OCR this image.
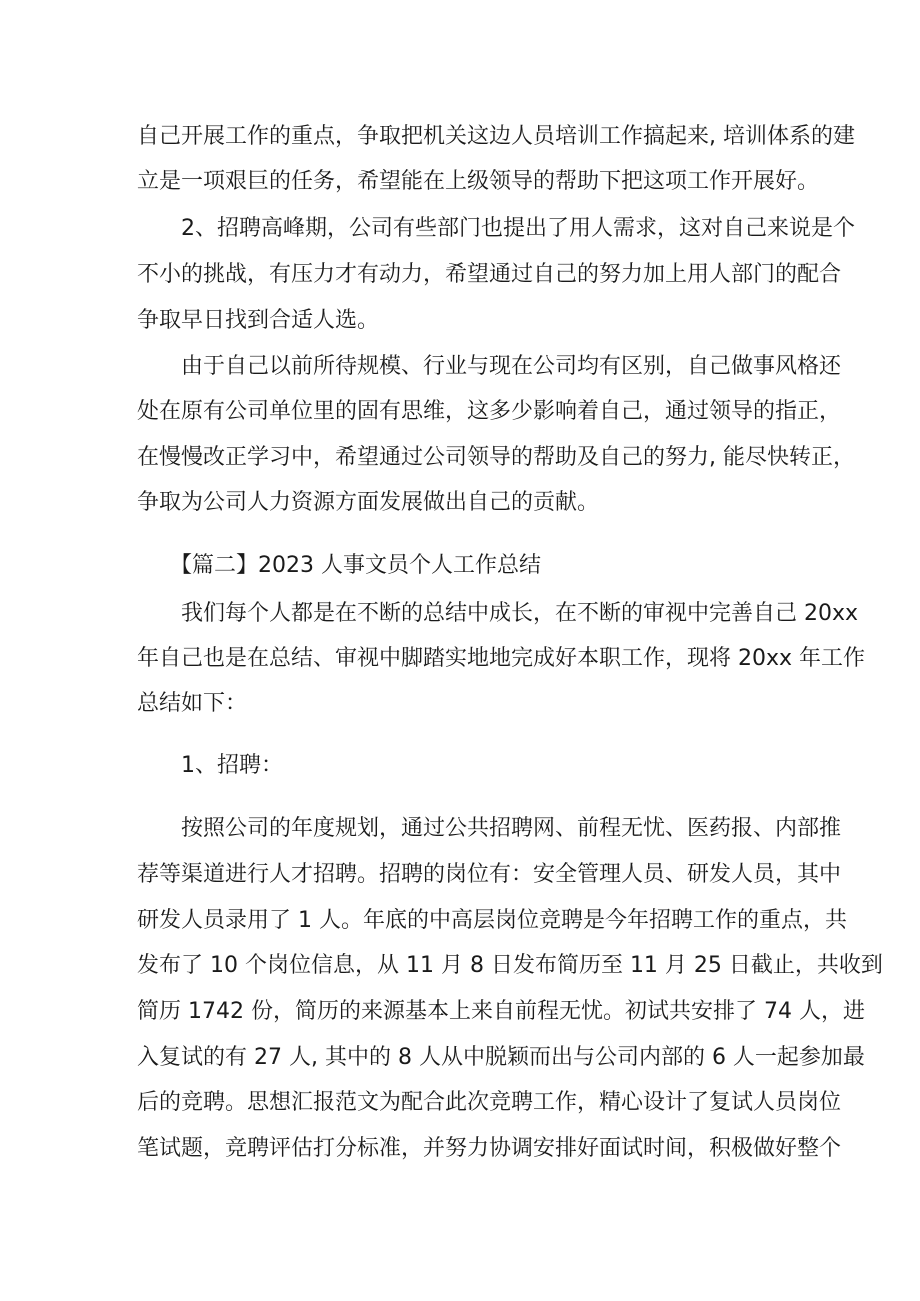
自己开展工作的重点，争取把机关这边人员培训工作搞起来, 培训体系的建
立是一项艰巨的任务，希望能在上级领导的帮助下把这项工作开展好。
2、招聘高峰期，公司有些部门也提出了用人需求，这对自己来说是个
不小的挑战，有压力才有动力，希望通过自己的努力加上用人部门的配合
争取早日找到合适人选。
由于自己以前所待规模、行业与现在公司均有区别，自己做事风格还
处在原有公司单位里的固有思维，这多少影响着自己，通过领导的指正，
在慢慢改正学习中，希望通过公司领导的帮助及自己的努力, 能尽快转正，
争取为公司人力资源方面发展做出自己的贡献。
【篇二】2023 人事文员个人工作总结
我们每个人都是在不断的总结中成长，在不断的审视中完善自己 20xx
年自己也是在总结、审视中脚踏实地地完成好本职工作，现将 20xx 年工作
总结如下：
1、招聘：
按照公司的年度规划，通过公共招聘网、前程无忧、医药报、内部推
荐等渠道进行人才招聘。招聘的岗位有：安全管理人员、研发人员，其中
研发人员录用了 1 人。年底的中高层岗位竞聘是今年招聘工作的重点，共
发布了 10 个岗位信息，从 11 月 8 日发布简历至 11 月 25 日截止，共收到
简历 1742 份，简历的来源基本上来自前程无忧。初试共安排了 74 人，进
入复试的有 27 人, 其中的 8 人从中脱颖而出与公司内部的 6 人一起参加最
后的竞聘。思想汇报范文为配合此次竞聘工作，精心设计了复试人员岗位
笔试题，竞聘评估打分标准，并努力协调安排好面试时间，积极做好整个
